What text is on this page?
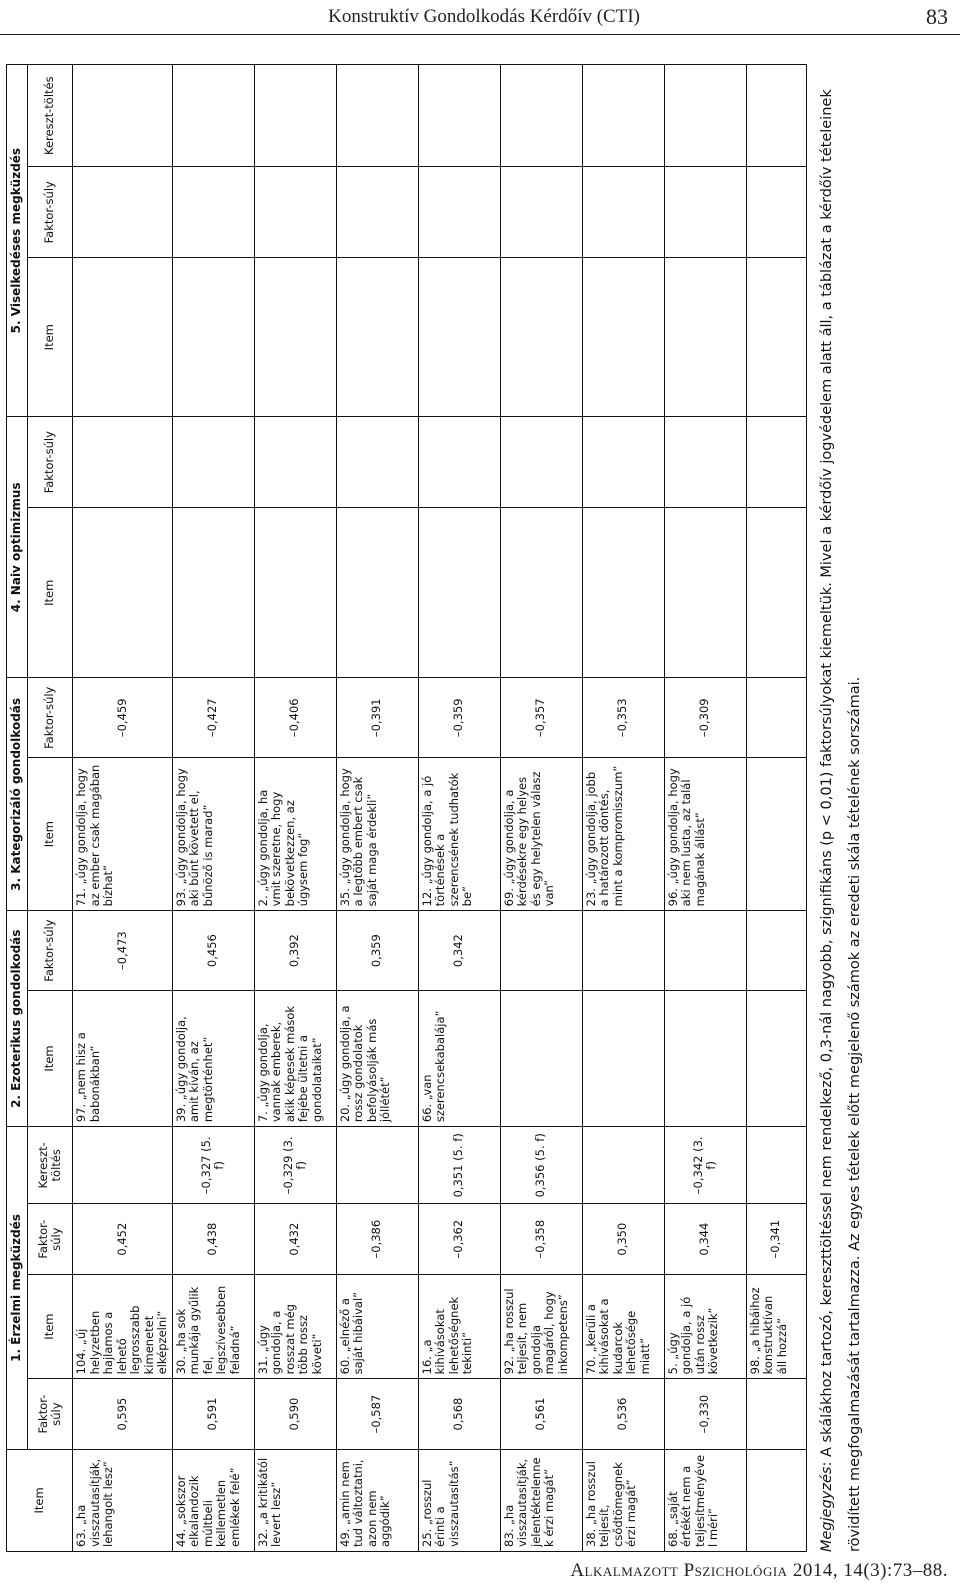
Konstruktív Gondolkodás Kérdőív (CTI)	83
Item	1. Érzelmi megküzdés				2. Ezoterikus gondolkodás		3. Kategorizáló gondolkodás		4. Naiv optimizmus		5. Viselkedéses megküzdés		
	Faktor-súly	Item	Faktor-súly	Kereszt-töltés	Item	Faktor-súly	Item	Faktor-súly	Item	Faktor-súly	Item	Faktor-súly	Kereszt-töltés
63. „ha visszautasítják, lehangolt lesz”	0,595	104. „új helyzetben hajlamos a lehető legrosszabb kimenetet elképzelni”	0,452		97. „nem hisz a babonákban”	–0,473	71. „úgy gondolja, hogy az ember csak magában bízhat”	–0,459					
44. „sokszor elkalandozik múltbeli kellemetlen emlékek felé”	0,591	30. „ha sok munkája gyűlik fel, legszívesebben feladná”	0,438	–0,327 (5. f)	39. „úgy gondolja, amit kíván, az megtörténhet”	0,456	93. „úgy gondolja, hogy aki bűnt követett el, bűnöző is marad”	–0,427					
32. „a kritikától levert lesz”	0,590	31. „úgy gondolja, a rosszat még több rossz követi”	0,432	–0,329 (3. f)	7. „úgy gondolja, vannak emberek, akik képesek mások fejébe ültetni a gondolataikat”	0,392	2. „úgy gondolja, ha vmit szeretne, hogy bekövetkezzen, az úgysem fog”	–0,406					
49. „amin nem tud változtatni, azon nem aggódik”	–0,587	60. „elnéző a saját hibáival”	–0,386		20. „úgy gondolja, a rossz gondolatok befolyásolják más jóllétét”	0,359	35. „úgy gondolja, hogy a legtöbb embert csak saját maga érdekli”	–0,391					
25. „rosszul érinti a visszautasítás”	0,568	16. „a kihívásokat lehetőségnek tekinti”	–0,362	0,351 (5. f)	66. „van szerencsekabalája”	0,342	12. „úgy gondolja, a jó történések a szerencsének tudhatók be”	–0,359					
83. „ha visszautasítják, jelentéktelennek érzi magát”	0,561	92. „ha rosszul teljesít, nem gondolja magáról, hogy inkompetens”	–0,358	0,356 (5. f)			69. „úgy gondolja, a kérdésekre egy helyes és egy helytelen válasz van”	–0,357					
38. „ha rosszul teljesít, csődtömegnek érzi magát”	0,536	70. „kerüli a kihívásokat a kudarcok lehetősége miatt”	0,350				23. „úgy gondolja, jobb a határozott döntés, mint a kompromisszum”	–0,353					
68. „saját értékét nem a teljesítményével méri”	–0,330	5. „úgy gondolja, a jó után rossz következik”	0,344	–0,342 (3. f)			96. „úgy gondolja, hogy aki nem lusta, az talál magának állást”	–0,309					
		98. „a hibáihoz konstruktívan áll hozzá”	–0,341										
Megjegyzés: A skálákhoz tartozó, kereszttöltéssel nem rendelkező, 0,3-nál nagyobb, szignifikáns (p < 0,01) faktorsúlyokat kiemeltük. Mivel a kérdőív jogvédelem alatt áll, a táblázat a kérdőív tételeinek rövidített megfogalmazását tartalmazza. Az egyes tételek előtt megjelenő számok az eredeti skála tételének sorszámai.
Alkalmazott Pszichológia 2014, 14(3):73–88.
